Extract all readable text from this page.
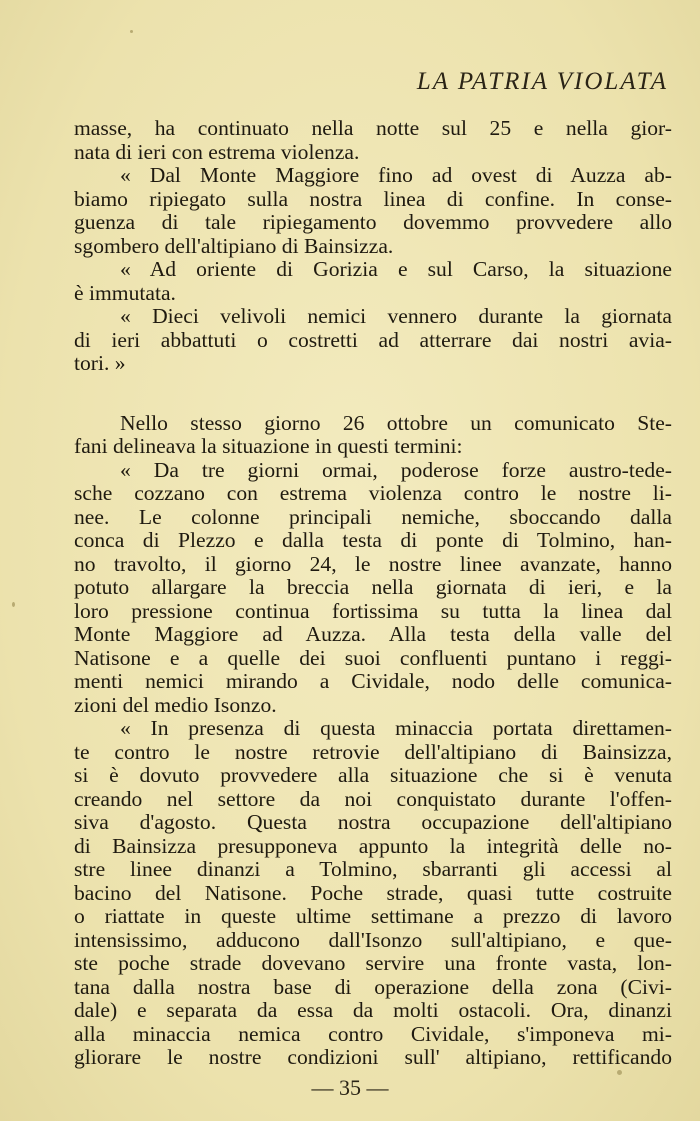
LA PATRIA VIOLATA
masse, ha continuato nella notte sul 25 e nella gior-
nata di ieri con estrema violenza.
« Dal Monte Maggiore fino ad ovest di Auzza ab-
biamo ripiegato sulla nostra linea di confine. In conse-
guenza di tale ripiegamento dovemmo provvedere allo
sgombero dell'altipiano di Bainsizza.
« Ad oriente di Gorizia e sul Carso, la situazione
è immutata.
« Dieci velivoli nemici vennero durante la giornata
di ieri abbattuti o costretti ad atterrare dai nostri avia-
tori. »
Nello stesso giorno 26 ottobre un comunicato Ste-
fani delineava la situazione in questi termini:
« Da tre giorni ormai, poderose forze austro-tede-
sche cozzano con estrema violenza contro le nostre li-
nee. Le colonne principali nemiche, sboccando dalla
conca di Plezzo e dalla testa di ponte di Tolmino, han-
no travolto, il giorno 24, le nostre linee avanzate, hanno
potuto allargare la breccia nella giornata di ieri, e la
loro pressione continua fortissima su tutta la linea dal
Monte Maggiore ad Auzza. Alla testa della valle del
Natisone e a quelle dei suoi confluenti puntano i reggi-
menti nemici mirando a Cividale, nodo delle comunica-
zioni del medio Isonzo.
« In presenza di questa minaccia portata direttamen-
te contro le nostre retrovie dell'altipiano di Bainsizza,
si è dovuto provvedere alla situazione che si è venuta
creando nel settore da noi conquistato durante l'offen-
siva d'agosto. Questa nostra occupazione dell'altipiano
di Bainsizza presupponeva appunto la integrità delle no-
stre linee dinanzi a Tolmino, sbarranti gli accessi al
bacino del Natisone. Poche strade, quasi tutte costruite
o riattate in queste ultime settimane a prezzo di lavoro
intensissimo, adducono dall'Isonzo sull'altipiano, e que-
ste poche strade dovevano servire una fronte vasta, lon-
tana dalla nostra base di operazione della zona (Civi-
dale) e separata da essa da molti ostacoli. Ora, dinanzi
alla minaccia nemica contro Cividale, s'imponeva mi-
gliorare le nostre condizioni sull' altipiano, rettificando
— 35 —
